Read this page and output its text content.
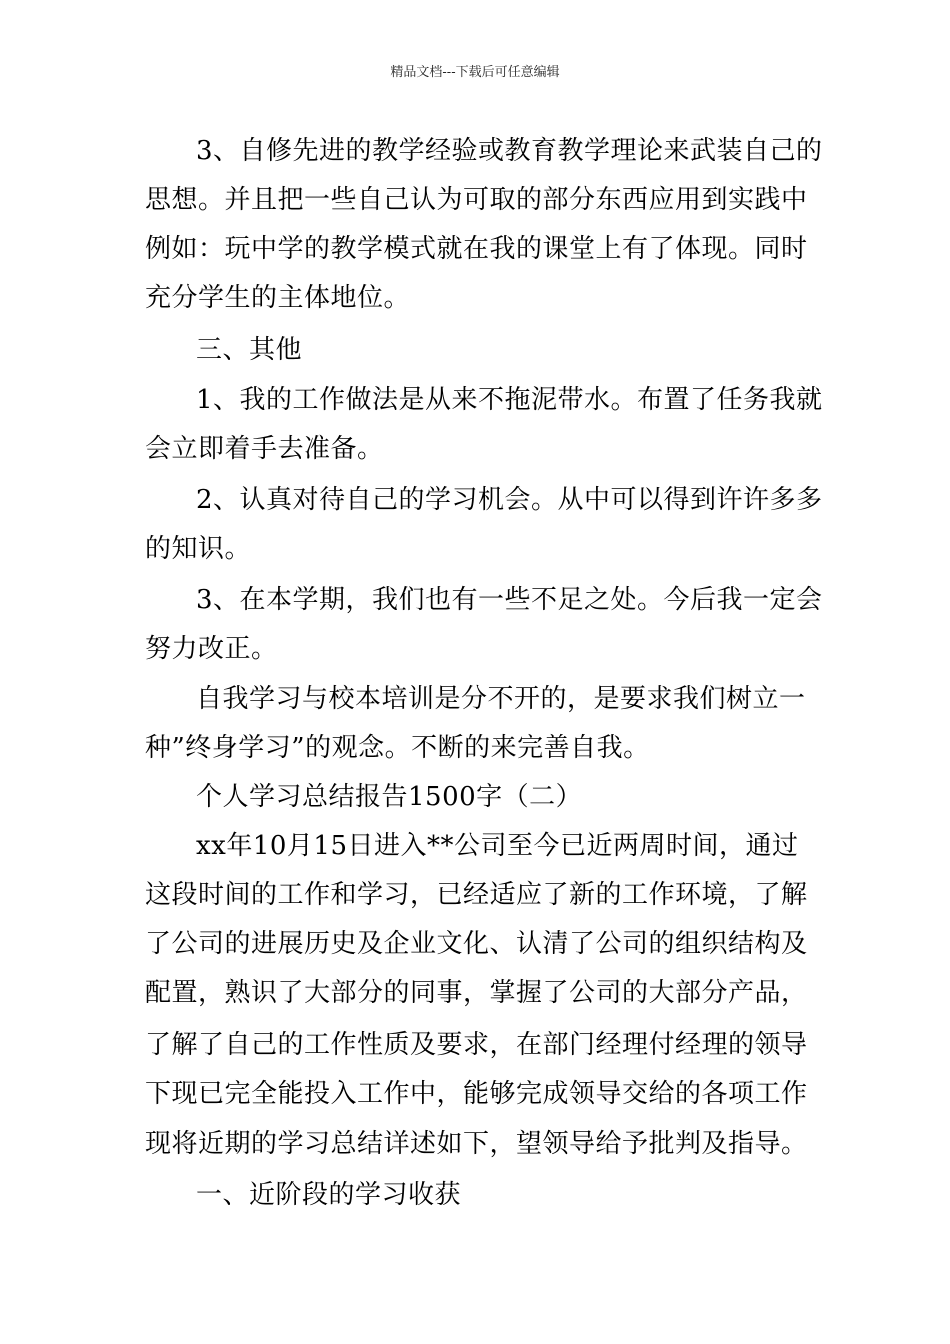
精品文档---下载后可任意编辑
3、自修先进的教学经验或教育教学理论来武装自己的
思想。并且把一些自己认为可取的部分东西应用到实践中
例如：玩中学的教学模式就在我的课堂上有了体现。同时
充分学生的主体地位。
三、其他
1、我的工作做法是从来不拖泥带水。布置了任务我就
会立即着手去准备。
2、认真对待自己的学习机会。从中可以得到许许多多
的知识。
3、在本学期，我们也有一些不足之处。今后我一定会
努力改正。
自我学习与校本培训是分不开的，是要求我们树立一
种”终身学习”的观念。不断的来完善自我。
个人学习总结报告1500字（二）
xx年10月15日进入**公司至今已近两周时间，通过
这段时间的工作和学习，已经适应了新的工作环境，了解
了公司的进展历史及企业文化、认清了公司的组织结构及
配置，熟识了大部分的同事，掌握了公司的大部分产品，
了解了自己的工作性质及要求，在部门经理付经理的领导
下现已完全能投入工作中，能够完成领导交给的各项工作
现将近期的学习总结详述如下，望领导给予批判及指导。
一、近阶段的学习收获
